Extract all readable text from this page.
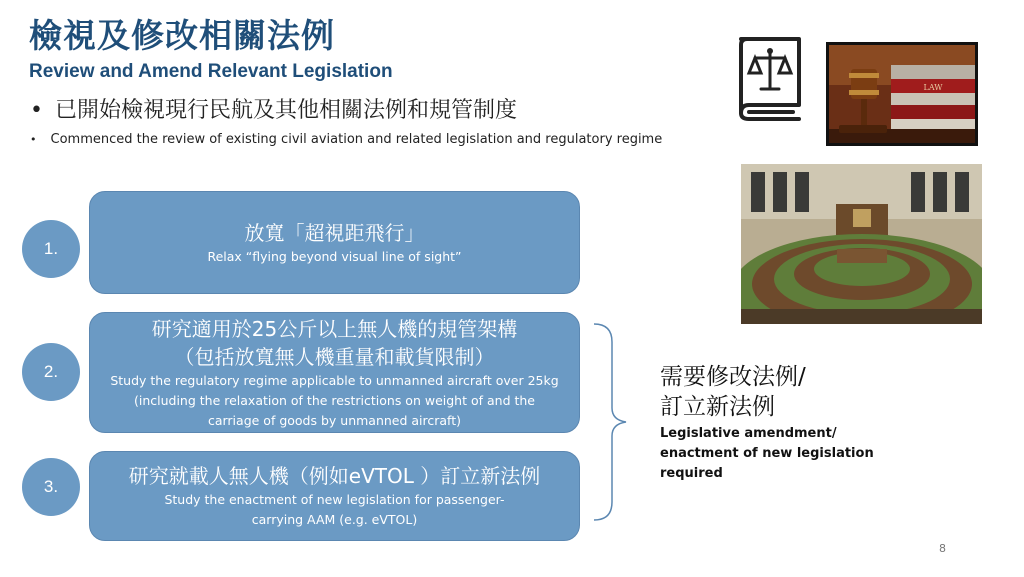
檢視及修改相關法例
Review and Amend Relevant Legislation
• 已開始檢視現行民航及其他相關法例和規管制度
• Commenced the review of existing civil aviation and related legislation and regulatory regime
1.
放寬「超視距飛行」
Relax “flying beyond visual line of sight”
2.
研究適用於25公斤以上無人機的規管架構
（包括放寬無人機重量和載貨限制）
Study the regulatory regime applicable to unmanned aircraft over 25kg (including the relaxation of the restrictions on weight of and the carriage of goods by unmanned aircraft)
3.	研究就載人無人機（例如eVTOL ）訂立新法例
Study the enactment of new legislation for passenger-carrying AAM (e.g. eVTOL)
需要修改法例/
訂立新法例
Legislative amendment/
enactment of new legislation
required
LAW
8
